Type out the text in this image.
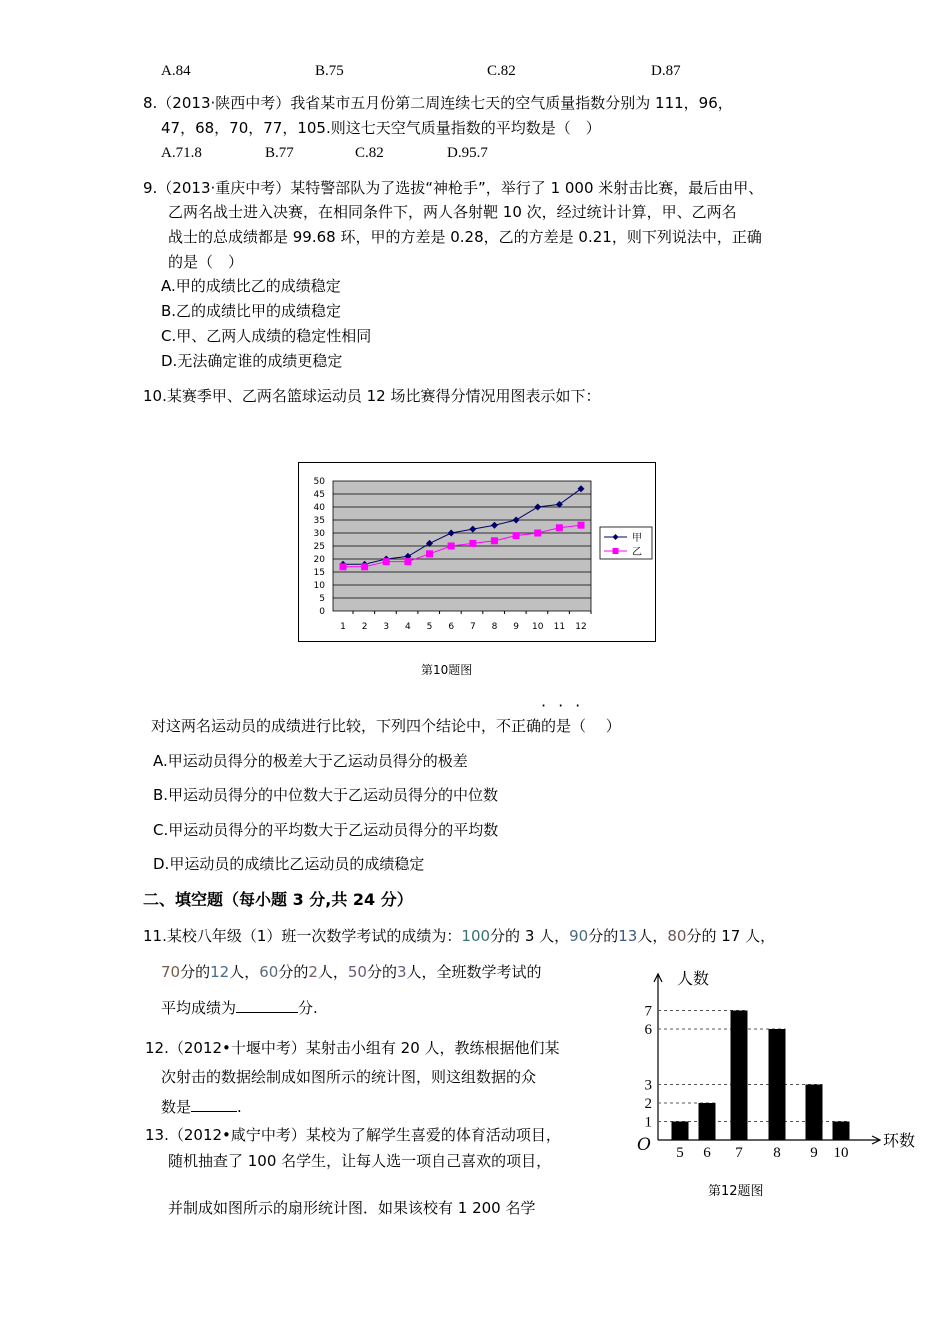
A.84	B.75	C.82	D.87
8.（2013·陕西中考）我省某市五月份第二周连续七天的空气质量指数分别为 111，96，
47，68，70，77，105.则这七天空气质量指数的平均数是（　）
A.71.8	B.77	C.82	D.95.7
9.（2013·重庆中考）某特警部队为了选拔“神枪手”，举行了 1 000 米射击比赛，最后由甲、
乙两名战士进入决赛，在相同条件下，两人各射靶 10 次，经过统计计算，甲、乙两名
战士的总成绩都是 99.68 环，甲的方差是 0.28，乙的方差是 0.21，则下列说法中，正确
的是（　）
A.甲的成绩比乙的成绩稳定
B.乙的成绩比甲的成绩稳定
C.甲、乙两人成绩的稳定性相同
D.无法确定谁的成绩更稳定
10.某赛季甲、乙两名篮球运动员 12 场比赛得分情况用图表示如下：
0
5
10
15
20
25
30
35
40
45
50
1 2 3 4 5 6 7 8 9 10 11 12
甲
乙
第10题图
···
对这两名运动员的成绩进行比较，下列四个结论中，不正确的是（　 ）
A.甲运动员得分的极差大于乙运动员得分的极差
B.甲运动员得分的中位数大于乙运动员得分的中位数
C.甲运动员得分的平均数大于乙运动员得分的平均数
D.甲运动员的成绩比乙运动员的成绩稳定
二、填空题（每小题 3 分,共 24 分）
11.某校八年级（1）班一次数学考试的成绩为：100分的 3 人，90分的13人，80分的 17 人，
70分的12人，60分的2人，50分的3人，全班数学考试的
平均成绩为	分.
12.（2012•十堰中考）某射击小组有 20 人，教练根据他们某
次射击的数据绘制成如图所示的统计图，则这组数据的众
数是	.
13.（2012•咸宁中考）某校为了解学生喜爱的体育活动项目，
随机抽查了 100 名学生，让每人选一项自己喜欢的项目，
并制成如图所示的扇形统计图．如果该校有 1 200 名学
人数
环数
O
1
2
3
6
7
5 6 7 8 9 10
第12题图
